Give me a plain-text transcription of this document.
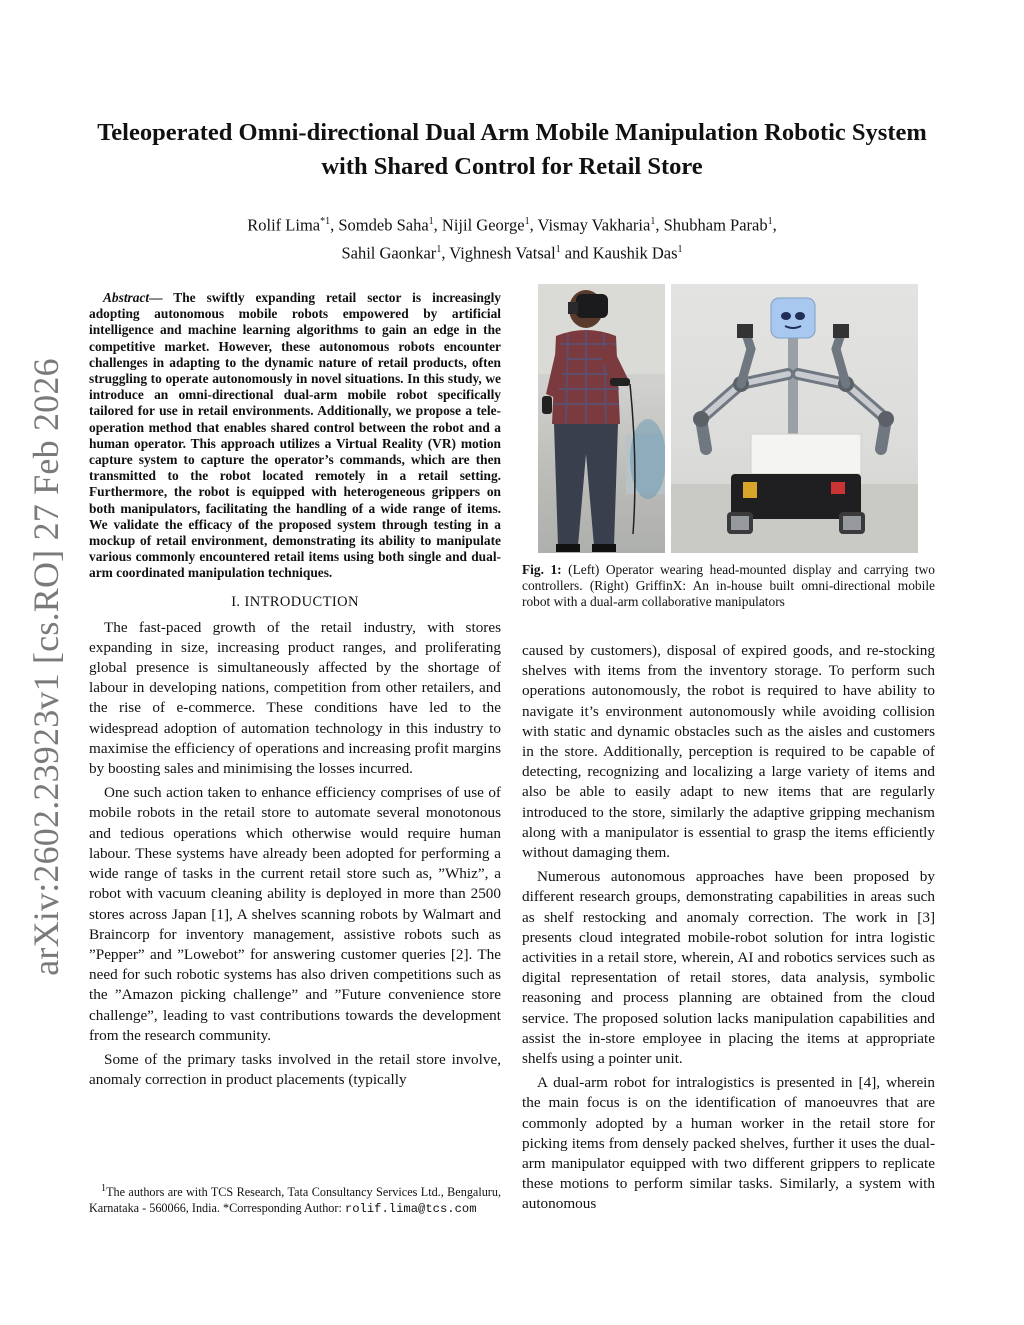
arXiv:2602.23923v1 [cs.RO] 27 Feb 2026
Teleoperated Omni-directional Dual Arm Mobile Manipulation Robotic System with Shared Control for Retail Store
Rolif Lima$^{*1}$, Somdeb Saha$^1$, Nijil George$^1$, Vismay Vakharia$^1$, Shubham Parab$^1$,
Sahil Gaonkar$^1$, Vighnesh Vatsal$^1$ and Kaushik Das$^1$

Abstract— The swiftly expanding retail sector is increasingly adopting autonomous mobile robots empowered by artificial intelligence and machine learning algorithms to gain an edge in the competitive market. However, these autonomous robots encounter challenges in adapting to the dynamic nature of retail products, often struggling to operate autonomously in novel situations. In this study, we introduce an omni-directional dual-arm mobile robot specifically tailored for use in retail environments. Additionally, we propose a tele-operation method that enables shared control between the robot and a human operator. This approach utilizes a Virtual Reality (VR) motion capture system to capture the operator’s commands, which are then transmitted to the robot located remotely in a retail setting. Furthermore, the robot is equipped with heterogeneous grippers on both manipulators, facilitating the handling of a wide range of items. We validate the efficacy of the proposed system through testing in a mockup of retail environment, demonstrating its ability to manipulate various commonly encountered retail items using both single and dual-arm coordinated manipulation techniques.

I. INTRODUCTION

The fast-paced growth of the retail industry, with stores expanding in size, increasing product ranges, and proliferating global presence is simultaneously affected by the shortage of labour in developing nations, competition from other retailers, and the rise of e-commerce. These conditions have led to the widespread adoption of automation technology in this industry to maximise the efficiency of operations and increasing profit margins by boosting sales and minimising the losses incurred.

One such action taken to enhance efficiency comprises of use of mobile robots in the retail store to automate several monotonous and tedious operations which otherwise would require human labour. These systems have already been adopted for performing a wide range of tasks in the current retail store such as, ”Whiz”, a robot with vacuum cleaning ability is deployed in more than 2500 stores across Japan [1], A shelves scanning robots by Walmart and Braincorp for inventory management, assistive robots such as ”Pepper” and ”Lowebot” for answering customer queries [2]. The need for such robotic systems has also driven competitions such as the ”Amazon picking challenge” and ”Future convenience store challenge”, leading to vast contributions towards the development from the research community.

Some of the primary tasks involved in the retail store involve, anomaly correction in product placements (typically

$^1$The authors are with TCS Research, Tata Consultancy Services Ltd., Bengaluru, Karnataka - 560066, India. *Corresponding Author: rolif.lima@tcs.com
Fig. 1: (Left) Operator wearing head-mounted display and carrying two controllers. (Right) GriffinX: An in-house built omni-directional mobile robot with a dual-arm collaborative manipulators

caused by customers), disposal of expired goods, and re-stocking shelves with items from the inventory storage. To perform such operations autonomously, the robot is required to have ability to navigate it’s environment autonomously while avoiding collision with static and dynamic obstacles such as the aisles and customers in the store. Additionally, perception is required to be capable of detecting, recognizing and localizing a large variety of items and also be able to easily adapt to new items that are regularly introduced to the store, similarly the adaptive gripping mechanism along with a manipulator is essential to grasp the items efficiently without damaging them.

Numerous autonomous approaches have been proposed by different research groups, demonstrating capabilities in areas such as shelf restocking and anomaly correction. The work in [3] presents cloud integrated mobile-robot solution for intra logistic activities in a retail store, wherein, AI and robotics services such as digital representation of retail stores, data analysis, symbolic reasoning and process planning are obtained from the cloud service. The proposed solution lacks manipulation capabilities and assist the in-store employee in placing the items at appropriate shelfs using a pointer unit.

A dual-arm robot for intralogistics is presented in [4], wherein the main focus is on the identification of manoeuvres that are commonly adopted by a human worker in the retail store for picking items from densely packed shelves, further it uses the dual-arm manipulator equipped with two different grippers to replicate these motions to perform similar tasks. Similarly, a system with autonomous
